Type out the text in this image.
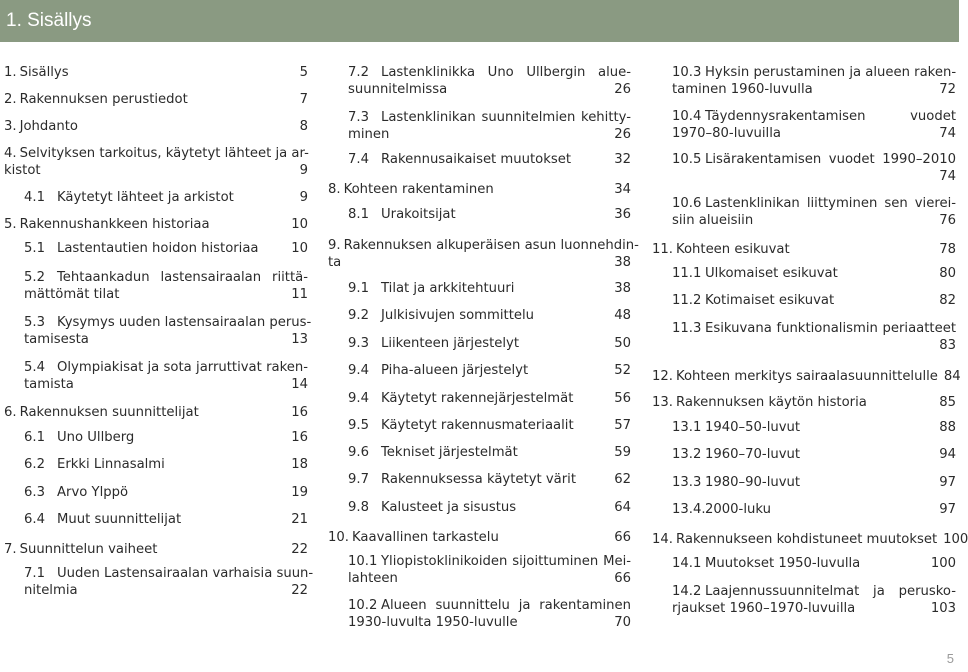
1. Sisällys
1. Sisällys	5
2. Rakennuksen perustiedot	7
3. Johdanto	8
4. Selvityksen tarkoitus, käytetyt lähteet ja ar-
kistot	9
4.1 Käytetyt lähteet ja arkistot	9
5. Rakennushankkeen historiaa	10
5.1 Lastentautien hoidon historiaa 10
5.2 Tehtaankadun lastensairaalan riittä-
mättömät tilat	11
5.3 Kysymys uuden lastensairaalan perus-
tamisesta	13
5.4 Olympiakisat ja sota jarruttivat raken-
tamista	14
6. Rakennuksen suunnittelijat	16
6.1 Uno Ullberg	16
6.2 Erkki Linnasalmi	18
6.3 Arvo Ylppö	19
6.4 Muut suunnittelijat	21
7. Suunnittelun vaiheet	22
7.1 Uuden Lastensairaalan varhaisia suun-
nitelmia	22
7.2 Lastenklinikka Uno Ullbergin alue-
suunnitelmissa	26
7.3 Lastenklinikan suunnitelmien kehitty-
minen	26
7.4 Rakennusaikaiset muutokset	32
8. Kohteen rakentaminen	34
8.1 Urakoitsijat	36
9. Rakennuksen alkuperäisen asun luonnehdin-
ta	38
9.1 Tilat ja arkkitehtuuri	38
9.2 Julkisivujen sommittelu	48
9.3 Liikenteen järjestelyt	50
9.4 Piha-alueen järjestelyt	52
9.4 Käytetyt rakennejärjestelmät	56
9.5 Käytetyt rakennusmateriaalit	57
9.6 Tekniset järjestelmät	59
9.7 Rakennuksessa käytetyt värit	62
9.8 Kalusteet ja sisustus	64
10. Kaavallinen tarkastelu	66
10.1 Yliopistoklinikoiden sijoittuminen Mei-
lahteen	66
10.2 Alueen suunnittelu ja rakentaminen
1930-luvulta 1950-luvulle	70
10.3 Hyksin perustaminen ja alueen raken-
taminen 1960-luvulla	72
10.4 Täydennysrakentamisen vuodet
1970–80-luvuilla	74
10.5 Lisärakentamisen vuodet 1990–2010
74
10.6 Lastenklinikan liittyminen sen vierei-
siin alueisiin	76
11. Kohteen esikuvat	78
11.1 Ulkomaiset esikuvat	80
11.2 Kotimaiset esikuvat	82
11.3 Esikuvana funktionalismin periaatteet
83
12. Kohteen merkitys sairaalasuunnittelulle 84
13. Rakennuksen käytön historia	85
13.1 1940–50-luvut	88
13.2 1960–70-luvut	94
13.3 1980–90-luvut	97
13.4.2000-luku	97
14. Rakennukseen kohdistuneet muutokset 100
14.1 Muutokset 1950-luvulla	100
14.2 Laajennussuunnitelmat ja perusko-
rjaukset 1960–1970-luvuilla	103
5
